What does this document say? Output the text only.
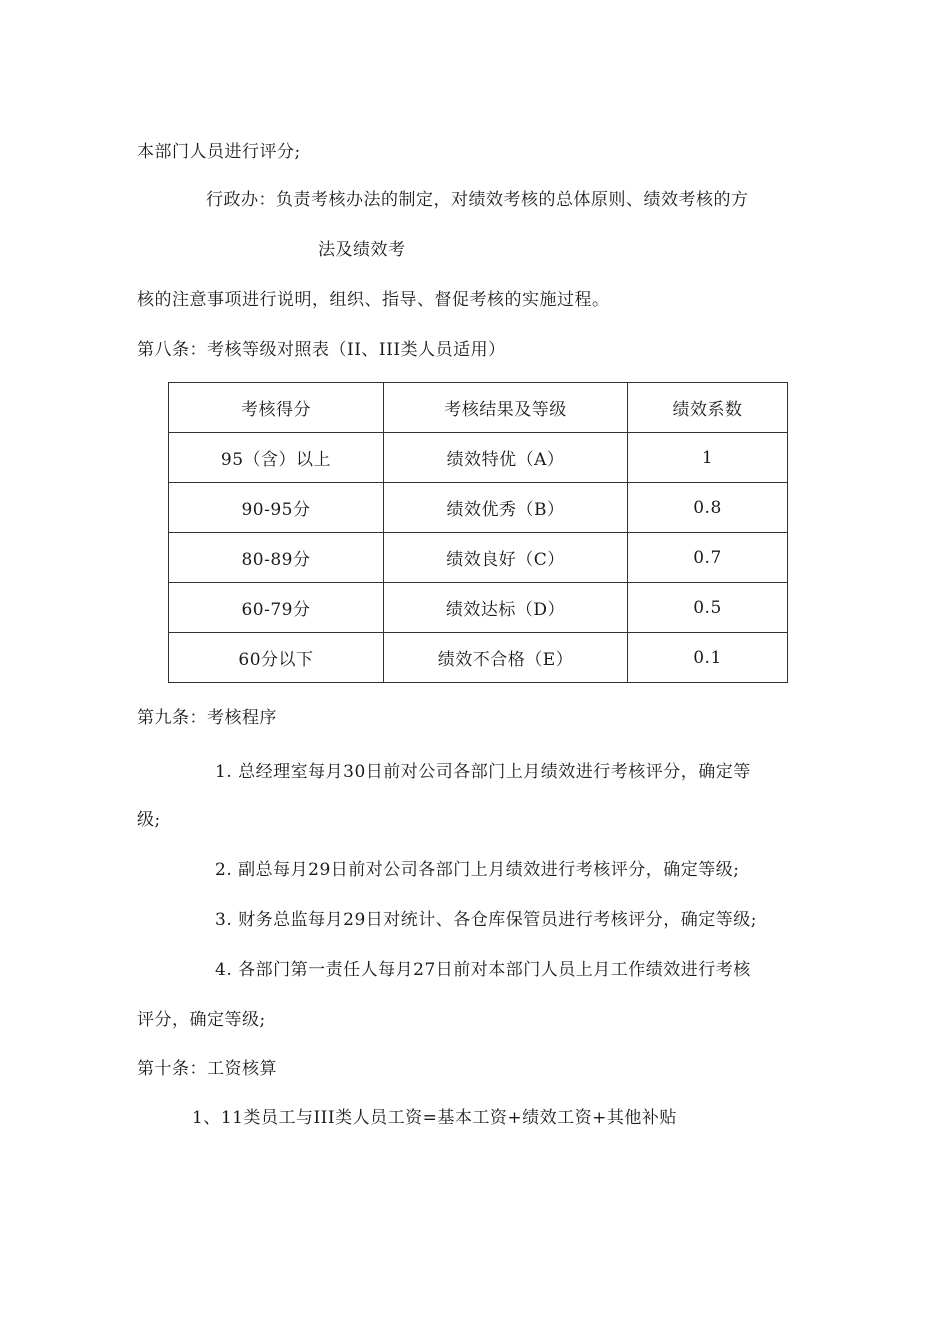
本部门人员进行评分;
行政办：负责考核办法的制定，对绩效考核的总体原则、绩效考核的方
法及绩效考
核的注意事项进行说明，组织、指导、督促考核的实施过程。
第八条：考核等级对照表（II、III类人员适用）
考核得分	考核结果及等级	绩效系数
95（含）以上	绩效特优（A）	1
90-95分	绩效优秀（B）	0.8
80-89分	绩效良好（C）	0.7
60-79分	绩效达标（D）	0.5
60分以下	绩效不合格（E）	0.1
第九条：考核程序
1. 总经理室每月30日前对公司各部门上月绩效进行考核评分，确定等
级;
2. 副总每月29日前对公司各部门上月绩效进行考核评分，确定等级;
3. 财务总监每月29日对统计、各仓库保管员进行考核评分，确定等级;
4. 各部门第一责任人每月27日前对本部门人员上月工作绩效进行考核
评分，确定等级;
第十条：工资核算
1、11类员工与III类人员工资=基本工资+绩效工资+其他补贴
